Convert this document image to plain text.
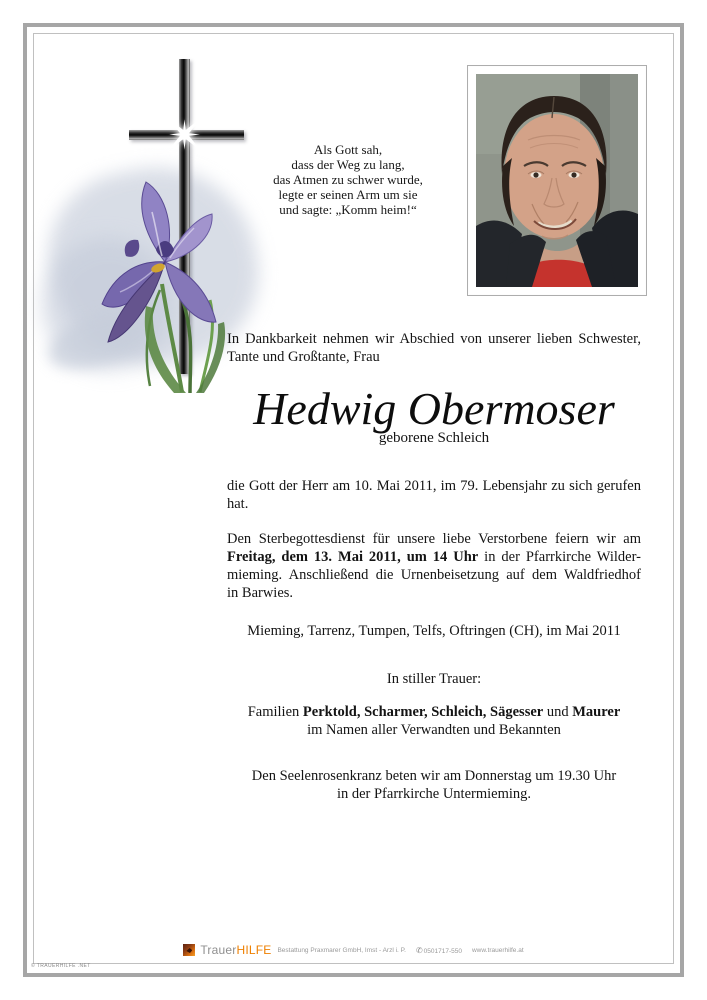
Als Gott sah,
dass der Weg zu lang,
das Atmen zu schwer wurde,
legte er seinen Arm um sie
und sagte: „Komm heim!“
In Dankbarkeit nehmen wir Abschied von unserer lieben Schwester,
Tante und Großtante, Frau
Hedwig Obermoser
geborene Schleich
die Gott der Herr am 10. Mai 2011, im 79. Lebensjahr zu sich gerufen
hat.
Den Sterbegottesdienst für unsere liebe Verstorbene feiern wir am
Freitag, dem 13. Mai 2011, um 14 Uhr in der Pfarrkirche Wilder-
mieming. Anschließend die Urnenbeisetzung auf dem Waldfriedhof
in Barwies.
Mieming, Tarrenz, Tumpen, Telfs, Oftringen (CH), im Mai 2011
In stiller Trauer:
Familien Perktold, Scharmer, Schleich, Sägesser und Maurer
im Namen aller Verwandten und Bekannten
Den Seelenrosenkranz beten wir am Donnerstag um 19.30 Uhr
in der Pfarrkirche Untermieming.
TrauerHILFE Bestattung Praxmarer GmbH, Imst - Arzl i. P. ✆0501717-550 www.trauerhilfe.at
© TRAUERHILFE .NET
